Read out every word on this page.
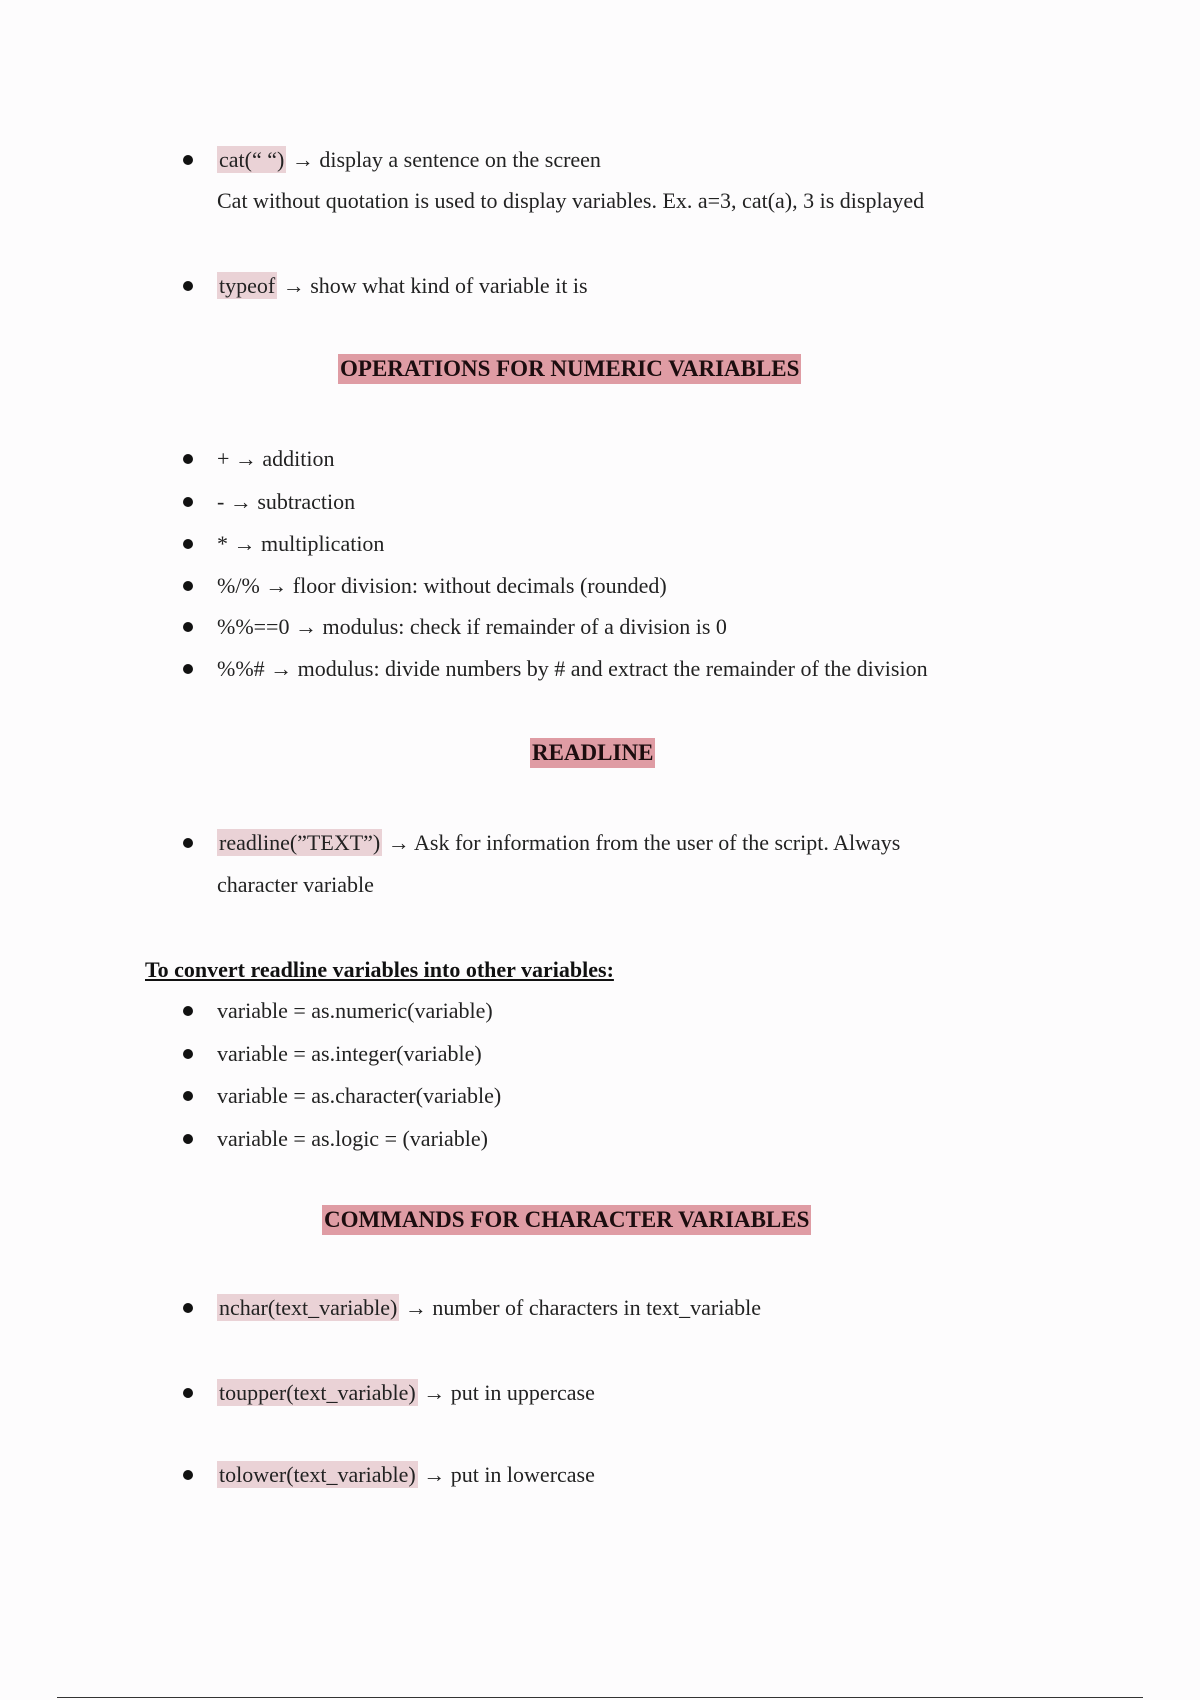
cat(“ “) → display a sentence on the screen
Cat without quotation is used to display variables. Ex. a=3, cat(a), 3 is displayed
typeof → show what kind of variable it is
OPERATIONS FOR NUMERIC VARIABLES
+ → addition
- → subtraction
* → multiplication
%/% → floor division: without decimals (rounded)
%%==0 → modulus: check if remainder of a division is 0
%%# → modulus: divide numbers by # and extract the remainder of the division
READLINE
readline(”TEXT”) → Ask for information from the user of the script. Always
character variable
To convert readline variables into other variables:
variable = as.numeric(variable)
variable = as.integer(variable)
variable = as.character(variable)
variable = as.logic = (variable)
COMMANDS FOR CHARACTER VARIABLES
nchar(text_variable) → number of characters in text_variable
toupper(text_variable) → put in uppercase
tolower(text_variable) → put in lowercase
